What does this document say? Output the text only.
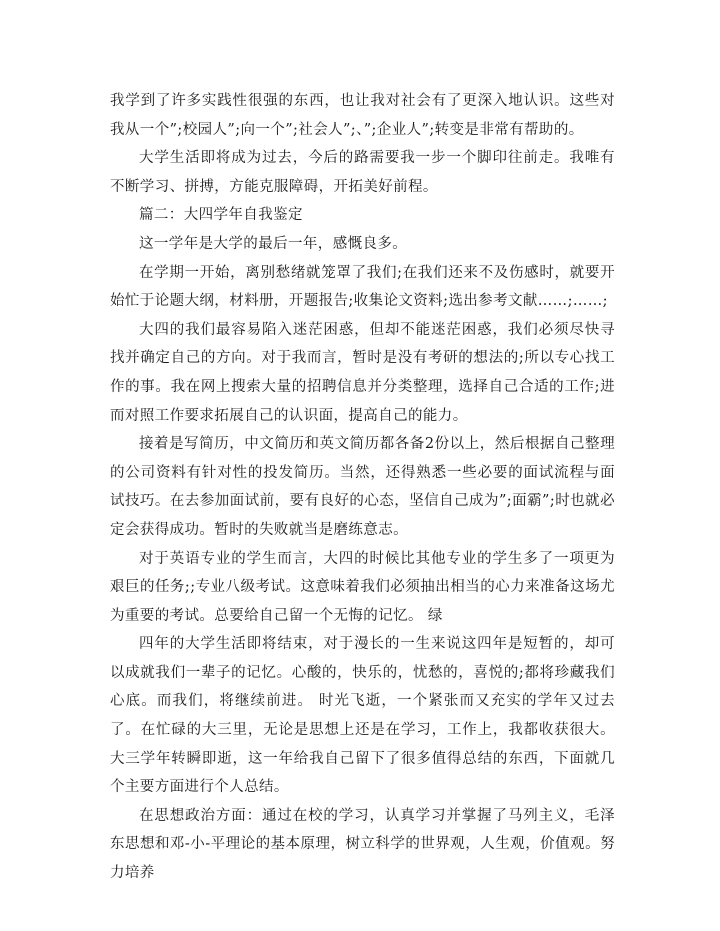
我学到了许多实践性很强的东西，也让我对社会有了更深入地认识。这些对我从一个”;校园人”;向一个”;社会人”;、”;企业人”;转变是非常有帮助的。

大学生活即将成为过去，今后的路需要我一步一个脚印往前走。我唯有不断学习、拼搏，方能克服障碍，开拓美好前程。

篇二：大四学年自我鉴定

这一学年是大学的最后一年，感慨良多。

在学期一开始，离别愁绪就笼罩了我们;在我们还来不及伤感时，就要开始忙于论题大纲，材料册，开题报告;收集论文资料;选出参考文献……;……;

大四的我们最容易陷入迷茫困惑，但却不能迷茫困惑，我们必须尽快寻找并确定自己的方向。对于我而言，暂时是没有考研的想法的;所以专心找工作的事。我在网上搜索大量的招聘信息并分类整理，选择自己合适的工作;进而对照工作要求拓展自己的认识面，提高自己的能力。

接着是写简历，中文简历和英文简历都各备2份以上，然后根据自己整理的公司资料有针对性的投发简历。当然，还得熟悉一些必要的面试流程与面试技巧。在去参加面试前，要有良好的心态，坚信自己成为”;面霸”;时也就必定会获得成功。暂时的失败就当是磨练意志。

对于英语专业的学生而言，大四的时候比其他专业的学生多了一项更为艰巨的任务;;专业八级考试。这意味着我们必须抽出相当的心力来准备这场尤为重要的考试。总要给自己留一个无悔的记忆。 绿

四年的大学生活即将结束，对于漫长的一生来说这四年是短暂的，却可以成就我们一辈子的记忆。心酸的，快乐的，忧愁的，喜悦的;都将珍藏我们心底。而我们，将继续前进。 时光飞逝，一个紧张而又充实的学年又过去了。在忙碌的大三里，无论是思想上还是在学习，工作上，我都收获很大。 大三学年转瞬即逝，这一年给我自己留下了很多值得总结的东西，下面就几个主要方面进行个人总结。

在思想政治方面：通过在校的学习，认真学习并掌握了马列主义，毛泽东思想和邓-小-平理论的基本原理，树立科学的世界观，人生观，价值观。努力培养
